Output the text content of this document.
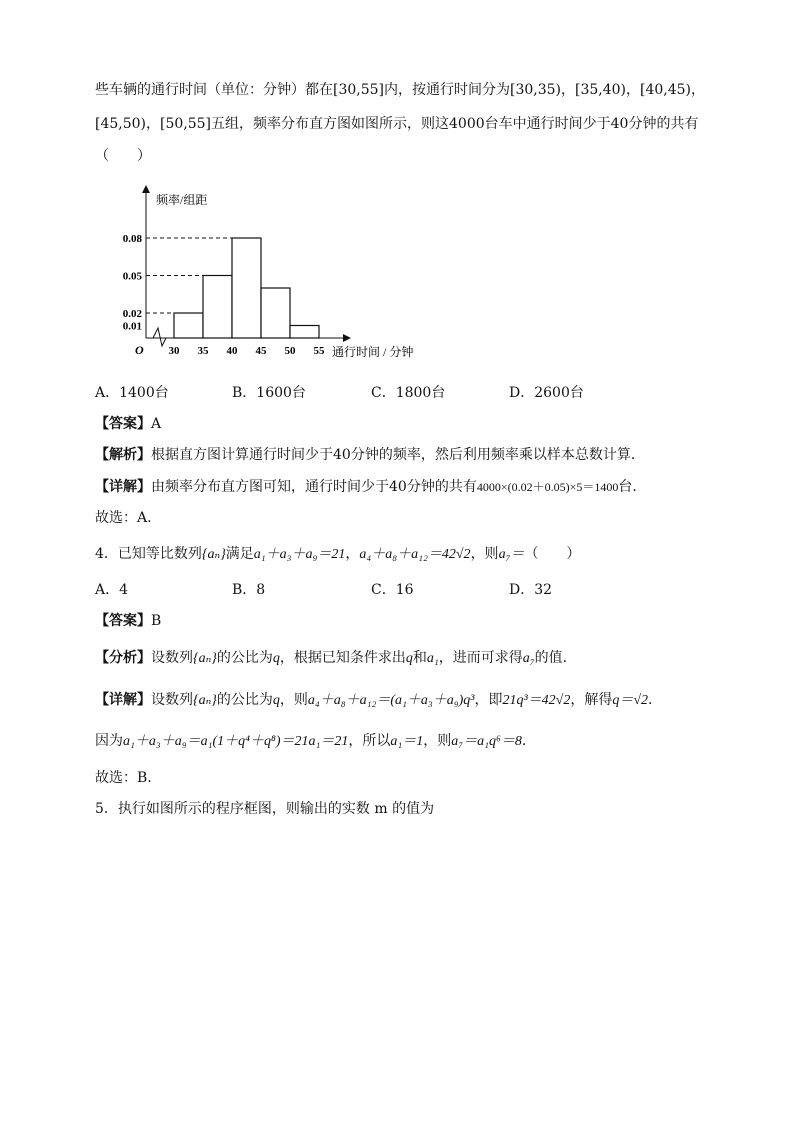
些车辆的通行时间（单位：分钟）都在[30,55]内，按通行时间分为[30,35)，[35,40)，[40,45)，
[45,50)，[50,55]五组，频率分布直方图如图所示，则这4000台车中通行时间少于40分钟的共有
（　　）
0.08
0.05
0.02
0.01
30 35 40 45 50 55
频率/组距
通行时间 / 分钟
O
A．1400台	B．1600台	C．1800台	D．2600台
【答案】A
【解析】根据直方图计算通行时间少于40分钟的频率，然后利用频率乘以样本总数计算.
【详解】由频率分布直方图可知，通行时间少于40分钟的共有4000×(0.02＋0.05)×5＝1400台.
故选：A.
4．已知等比数列{aₙ}满足a₁＋a₃＋a₉＝21，a₄＋a₈＋a₁₂＝42√2，则a₇＝（　　）
A．4	B．8	C．16	D．32
【答案】B
【分析】设数列{aₙ}的公比为q，根据已知条件求出q和a₁，进而可求得a₇的值.
【详解】设数列{aₙ}的公比为q，则a₄＋a₈＋a₁₂＝(a₁＋a₃＋a₉)q³，即21q³＝42√2，解得q＝√2.
因为a₁＋a₃＋a₉＝a₁(1＋q⁴＋q⁸)＝21a₁＝21，所以a₁＝1，则a₇＝a₁q⁶＝8.
故选：B.
5．执行如图所示的程序框图，则输出的实数 m 的值为
